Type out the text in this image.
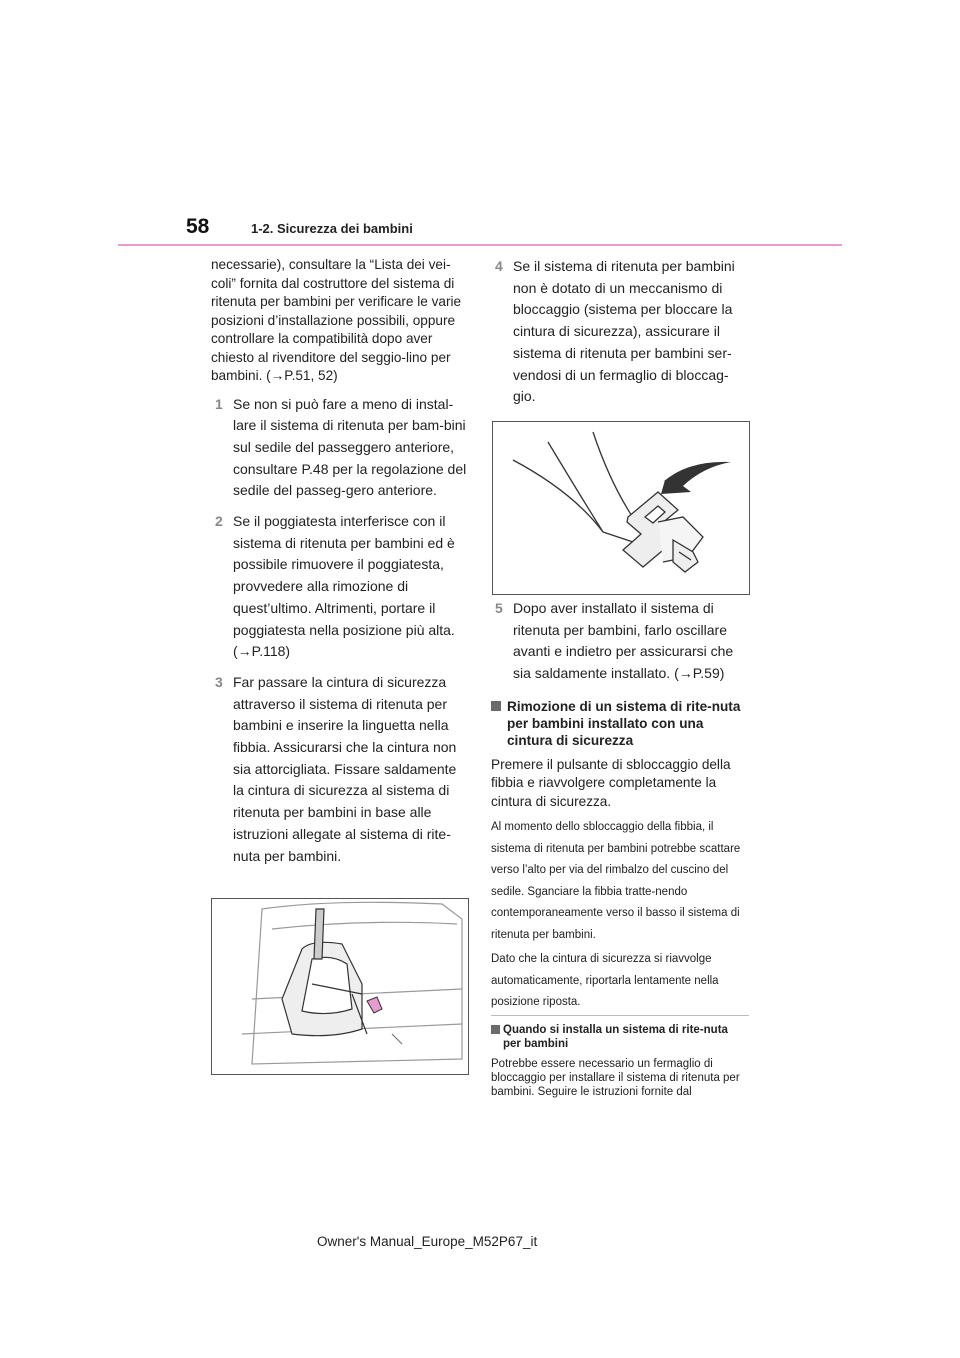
58	1-2. Sicurezza dei bambini

necessarie), consultare la “Lista dei vei-coli” fornita dal costruttore del sistema di ritenuta per bambini per verificare le varie posizioni d’installazione possibili, oppure controllare la compatibilità dopo aver chiesto al rivenditore del seggio-lino per bambini. (→P.51, 52)

1 Se non si può fare a meno di instal-lare il sistema di ritenuta per bam-bini sul sedile del passeggero anteriore, consultare P.48 per la regolazione del sedile del passeg-gero anteriore.
2 Se il poggiatesta interferisce con il sistema di ritenuta per bambini ed è possibile rimuovere il poggiatesta, provvedere alla rimozione di quest’ultimo. Altrimenti, portare il poggiatesta nella posizione più alta. (→P.118)
3 Far passare la cintura di sicurezza attraverso il sistema di ritenuta per bambini e inserire la linguetta nella fibbia. Assicurarsi che la cintura non sia attorcigliata. Fissare saldamente la cintura di sicurezza al sistema di ritenuta per bambini in base alle istruzioni allegate al sistema di rite-nuta per bambini.
4 Se il sistema di ritenuta per bambini non è dotato di un meccanismo di bloccaggio (sistema per bloccare la cintura di sicurezza), assicurare il sistema di ritenuta per bambini ser-vendosi di un fermaglio di bloccag-gio.
5 Dopo aver installato il sistema di ritenuta per bambini, farlo oscillare avanti e indietro per assicurarsi che sia saldamente installato. (→P.59)
Rimozione di un sistema di rite-nuta per bambini installato con una cintura di sicurezza

Premere il pulsante di sbloccaggio della fibbia e riavvolgere completamente la cintura di sicurezza.

Al momento dello sbloccaggio della fibbia, il sistema di ritenuta per bambini potrebbe scattare verso l’alto per via del rimbalzo del cuscino del sedile. Sganciare la fibbia tratte-nendo contemporaneamente verso il basso il sistema di ritenuta per bambini.

Dato che la cintura di sicurezza si riavvolge automaticamente, riportarla lentamente nella posizione riposta.

Quando si installa un sistema di rite-nuta per bambini

Potrebbe essere necessario un fermaglio di bloccaggio per installare il sistema di ritenuta per bambini. Seguire le istruzioni fornite dal

Owner's Manual_Europe_M52P67_it
